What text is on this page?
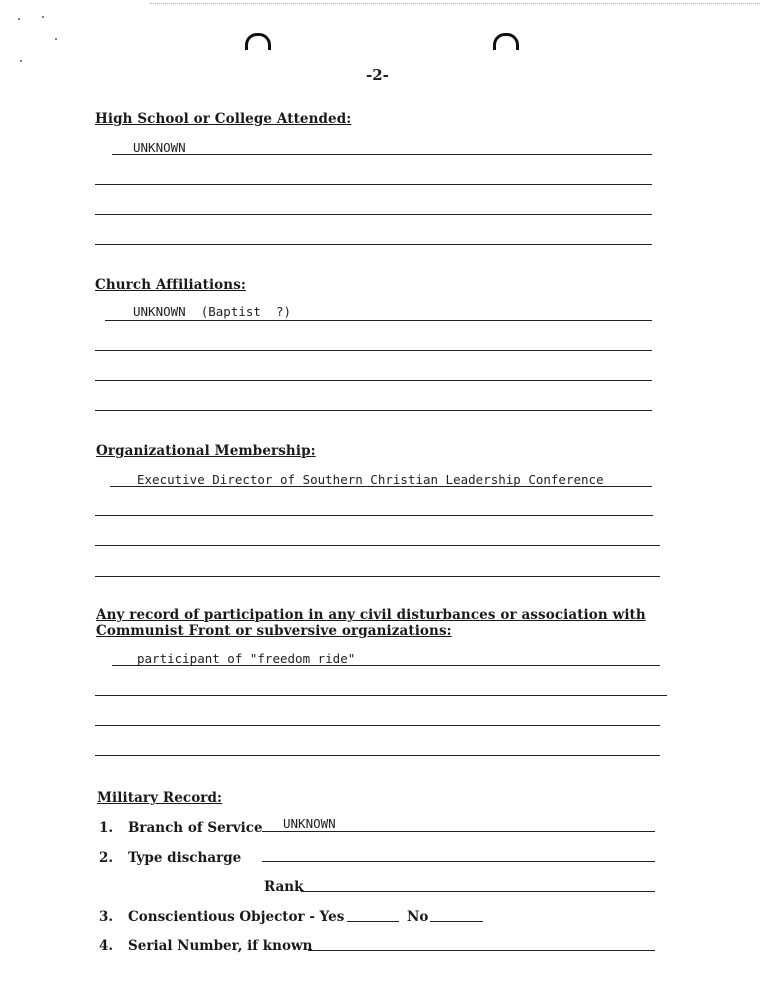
-2-
High School or College Attended:
UNKNOWN
Church Affiliations:
UNKNOWN  (Baptist  ?)
Organizational Membership:
Executive Director of Southern Christian Leadership Conference
Any record of participation in any civil disturbances or association with
Communist Front or subversive organizations:
participant of "freedom ride"
Military Record:
1. Branch of Service UNKNOWN
2. Type discharge
Rank
3. Conscientious Objector - Yes	No
4. Serial Number, if known
